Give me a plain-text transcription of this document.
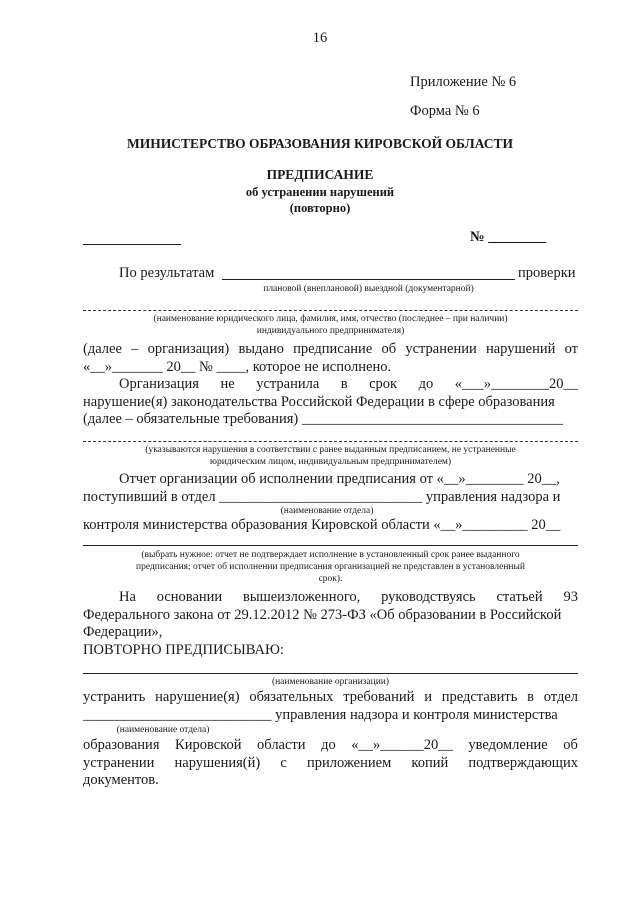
16
Приложение № 6
Форма № 6
МИНИСТЕРСТВО ОБРАЗОВАНИЯ КИРОВСКОЙ ОБЛАСТИ
ПРЕДПИСАНИЕ
об устранении нарушений
(повторно)
№ ________
По результатам	проверки
плановой (внеплановой) выездной (документарной)
(наименование юридического лица, фамилия, имя, отчество (последнее – при наличии)
индивидуального предпринимателя)
(далее – организация) выдано предписание об устранении нарушений от
«__»_______ 20__ № ____, которое не исполнено.
Организация не устранила в срок до «___»________20__
нарушение(я) законодательства Российской Федерации в сфере образования
(далее – обязательные требования) ____________________________________
(указываются нарушения в соответствии с ранее выданным предписанием, не устраненные
юридическим лицом, индивидуальным предпринимателем)
Отчет организации об исполнении предписания от «__»________ 20__,
поступивший в отдел ____________________________ управления надзора и
(наименование отдела)
контроля министерства образования Кировской области «__»_________ 20__
(выбрать нужное: отчет не подтверждает исполнение в установленный срок ранее выданного
предписания; отчет об исполнении предписания организацией не представлен в установленный
срок).
На основании вышеизложенного, руководствуясь статьей 93
Федерального закона от 29.12.2012 № 273-ФЗ «Об образовании в Российской
Федерации»,
ПОВТОРНО ПРЕДПИСЫВАЮ:
(наименование организации)
устранить нарушение(я) обязательных требований и представить в отдел
__________________________ управления надзора и контроля министерства
(наименование отдела)
образования Кировской области до «__»______20__ уведомление об
устранении нарушения(й) с приложением копий подтверждающих
документов.
